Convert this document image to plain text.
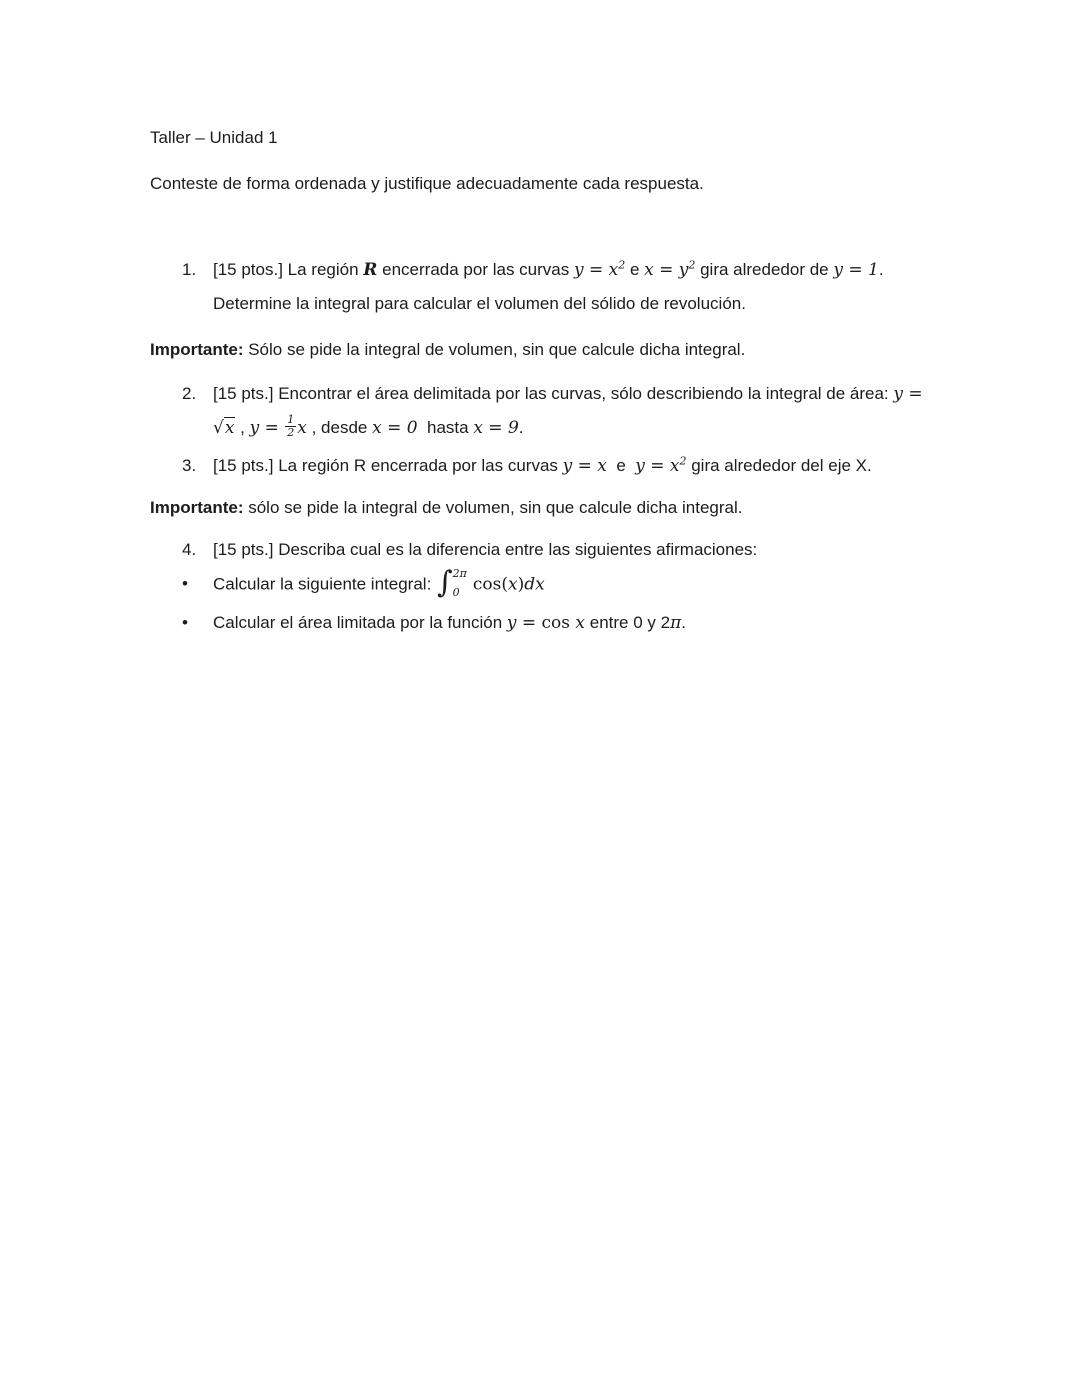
Taller – Unidad 1

Conteste de forma ordenada y justifique adecuadamente cada respuesta.

1. [15 ptos.] La región R encerrada por las curvas $y = x^2$ e $x = y^2$ gira alrededor de y = 1. Determine la integral para calcular el volumen del sólido de revolución.

Importante: Sólo se pide la integral de volumen, sin que calcule dicha integral.

2. [15 pts.] Encontrar el área delimitada por las curvas, sólo describiendo la integral de área: y = √x , $y = \frac{1}{2}$ x , desde x = 0  hasta x = 9.
3. [15 pts.] La región R encerrada por las curvas y = x  e  $y = x^2$ gira alrededor del eje X.

Importante: sólo se pide la integral de volumen, sin que calcule dicha integral.

4. [15 pts.] Describa cual es la diferencia entre las siguientes afirmaciones:
•	Calcular la siguiente integral: ∫ 2π
0 cos(x)dx
•	Calcular el área limitada por la función y = cos x entre 0 y 2π.
